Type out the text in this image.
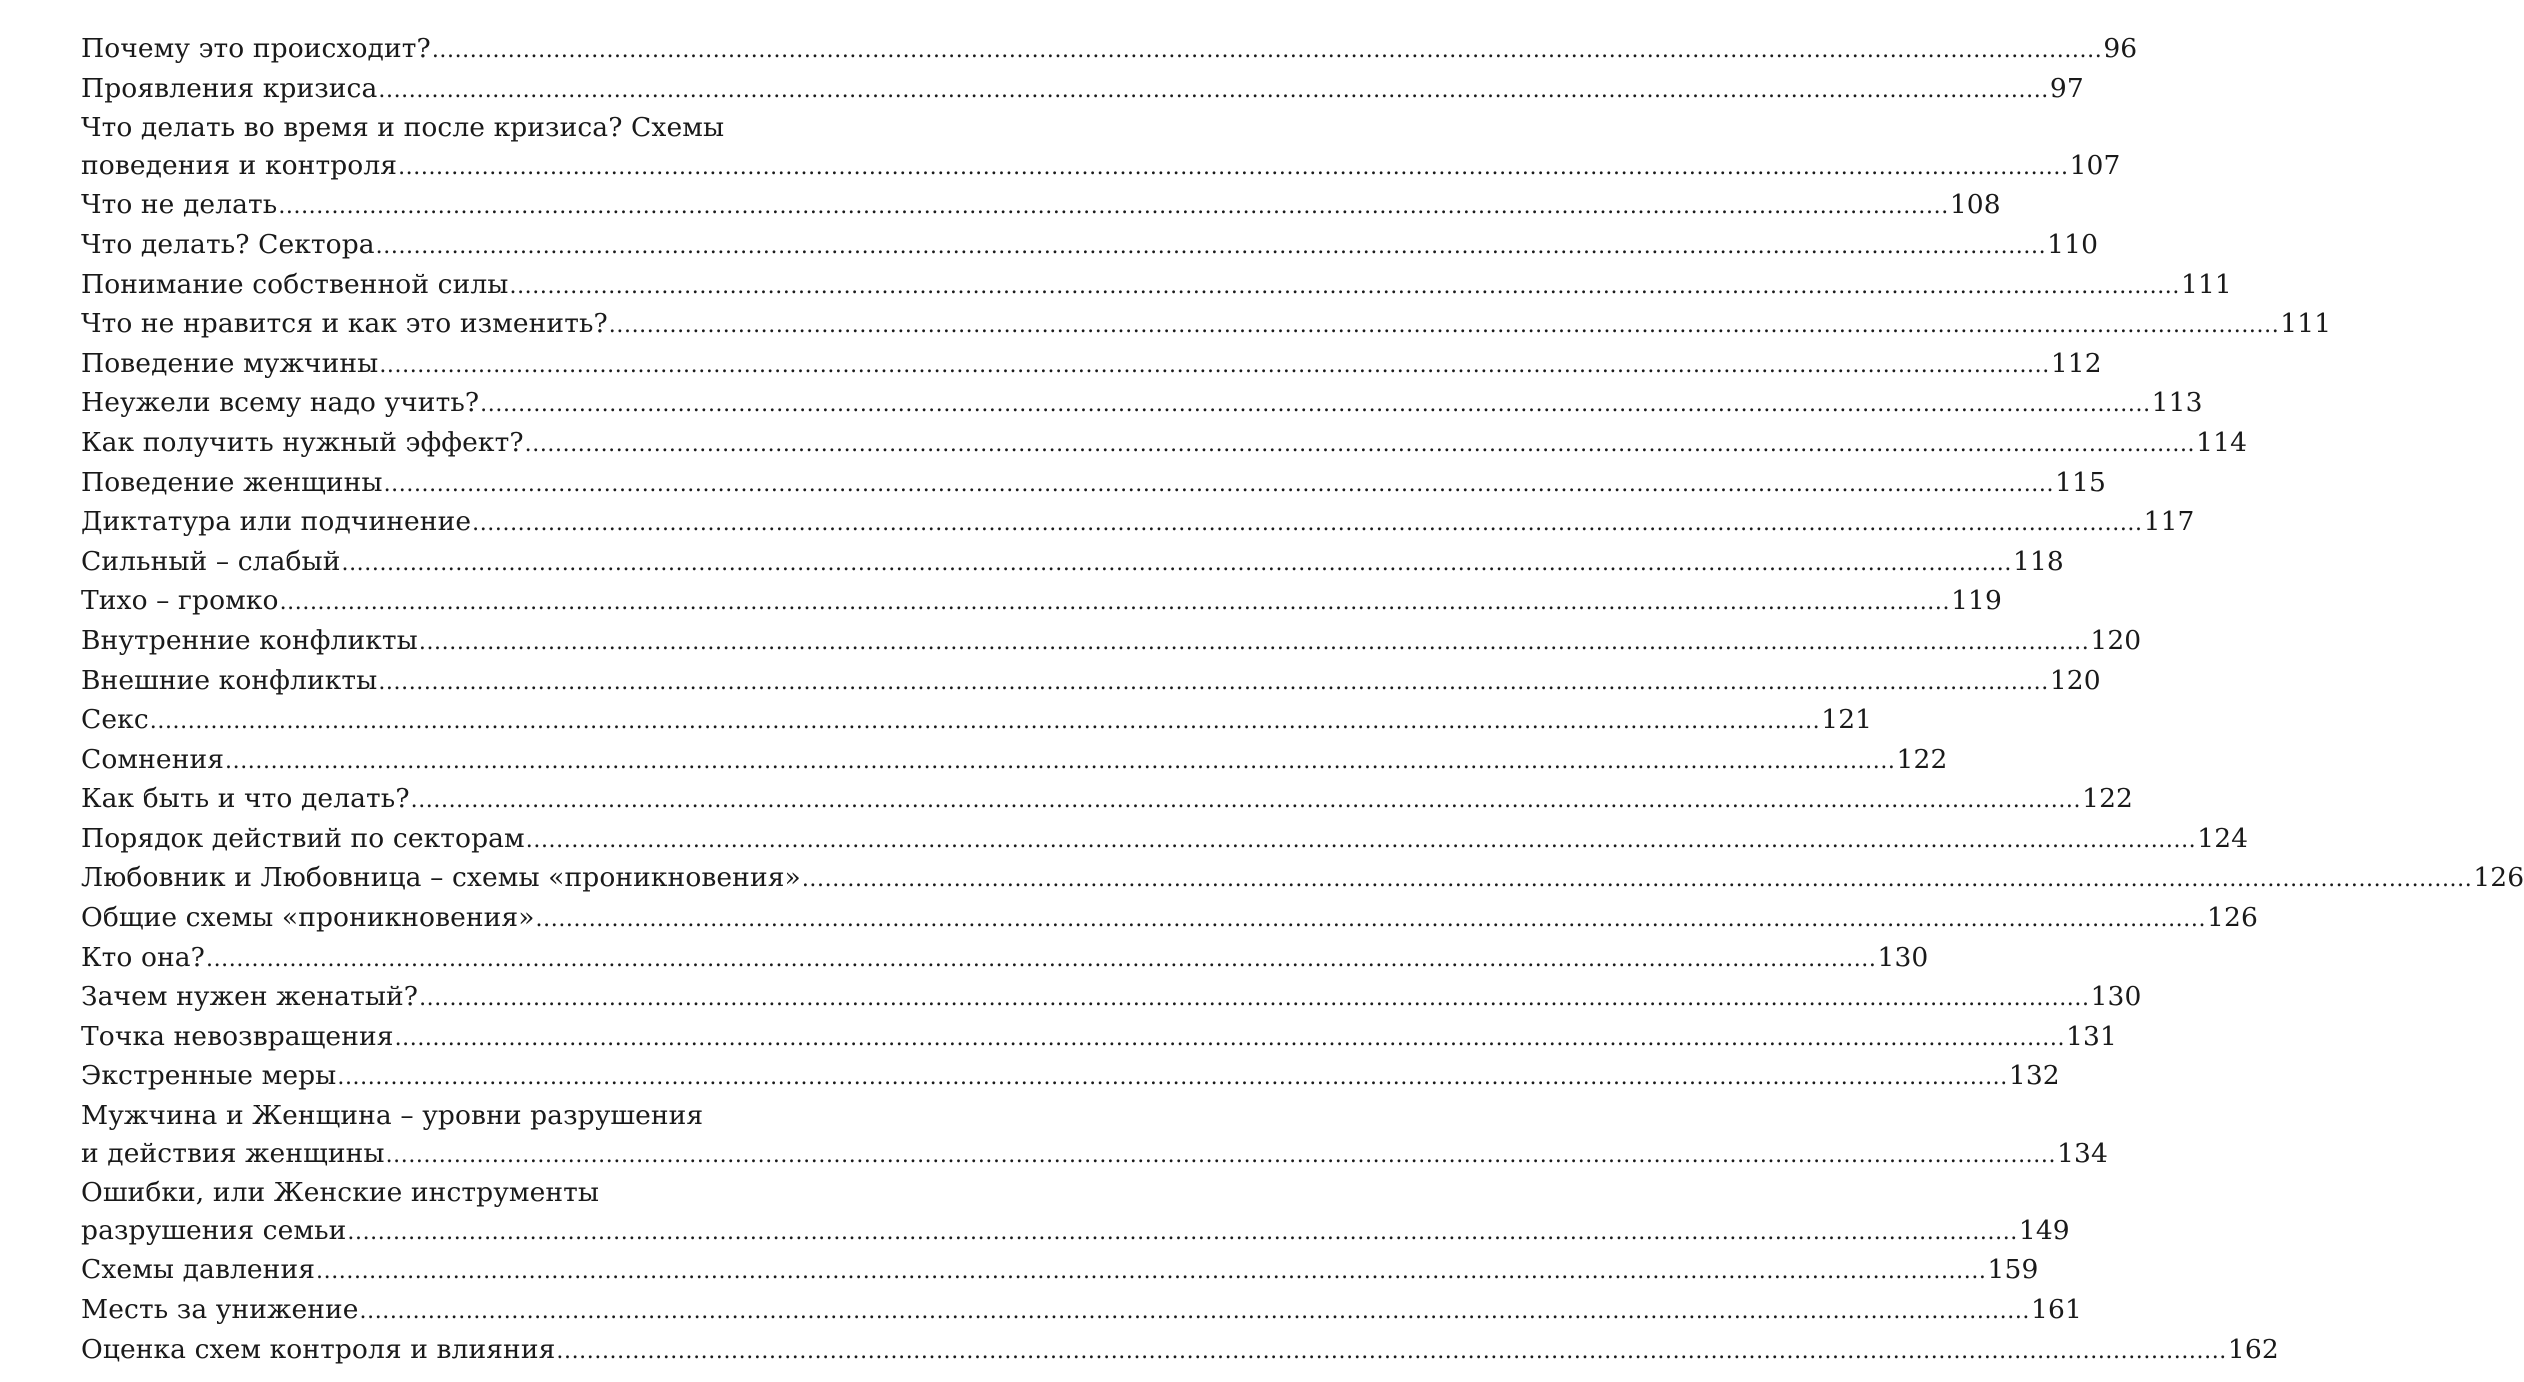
Почему это происходит? ............................................................................................................................................................................................................................ 96
Проявления кризиса ............................................................................................................................................................................................................................ 97
Что делать во время и после кризиса? Схемы
поведения и контроля ............................................................................................................................................................................................................................ 107
Что не делать ............................................................................................................................................................................................................................ 108
Что делать? Сектора ............................................................................................................................................................................................................................ 110
Понимание собственной силы ............................................................................................................................................................................................................................ 111
Что не нравится и как это изменить? ............................................................................................................................................................................................................................ 111
Поведение мужчины ............................................................................................................................................................................................................................ 112
Неужели всему надо учить? ............................................................................................................................................................................................................................ 113
Как получить нужный эффект? ............................................................................................................................................................................................................................ 114
Поведение женщины ............................................................................................................................................................................................................................ 115
Диктатура или подчинение ............................................................................................................................................................................................................................ 117
Сильный – слабый ............................................................................................................................................................................................................................ 118
Тихо – громко ............................................................................................................................................................................................................................ 119
Внутренние конфликты ............................................................................................................................................................................................................................ 120
Внешние конфликты ............................................................................................................................................................................................................................ 120
Секс ............................................................................................................................................................................................................................ 121
Сомнения ............................................................................................................................................................................................................................ 122
Как быть и что делать? ............................................................................................................................................................................................................................ 122
Порядок действий по секторам ............................................................................................................................................................................................................................ 124
Любовник и Любовница – схемы «проникновения» ............................................................................................................................................................................................................................ 126
Общие схемы «проникновения» ............................................................................................................................................................................................................................ 126
Кто она? ............................................................................................................................................................................................................................ 130
Зачем нужен женатый? ............................................................................................................................................................................................................................ 130
Точка невозвращения ............................................................................................................................................................................................................................ 131
Экстренные меры ............................................................................................................................................................................................................................ 132
Мужчина и Женщина – уровни разрушения
и действия женщины ............................................................................................................................................................................................................................ 134
Ошибки, или Женские инструменты
разрушения семьи ............................................................................................................................................................................................................................ 149
Схемы давления ............................................................................................................................................................................................................................ 159
Месть за унижение ............................................................................................................................................................................................................................ 161
Оценка схем контроля и влияния ............................................................................................................................................................................................................................ 162
